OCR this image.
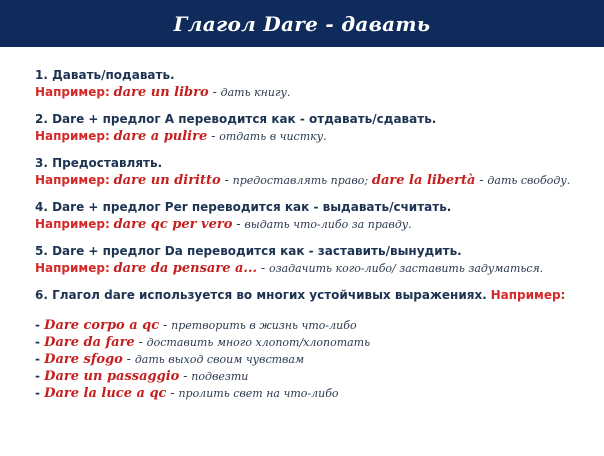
Глагол Dare - давать
1. Давать/подавать.
Например: dare un libro - дать книгу.
2. Dare + предлог A переводится как - отдавать/сдавать.
Например: dare a pulire - отдать в чистку.
3. Предоставлять.
Например: dare un diritto - предоставлять право; dare la libertà - дать свободу.
4. Dare + предлог Per переводится как - выдавать/считать.
Например: dare qc per vero - выдать что-либо за правду.
5. Dare + предлог Da переводится как - заставить/вынудить.
Например: dare da pensare a... - озадачить кого-либо/ заставить задуматься.
6. Глагол dare используется во многих устойчивых выражениях. Например:
- Dare corpo a qc - претворить в жизнь что-либо
- Dare da fare - доставить много хлопот/хлопотать
- Dare sfogo - дать выход своим чувствам
- Dare un passaggio - подвезти
- Dare la luce a qc - пролить свет на что-либо
